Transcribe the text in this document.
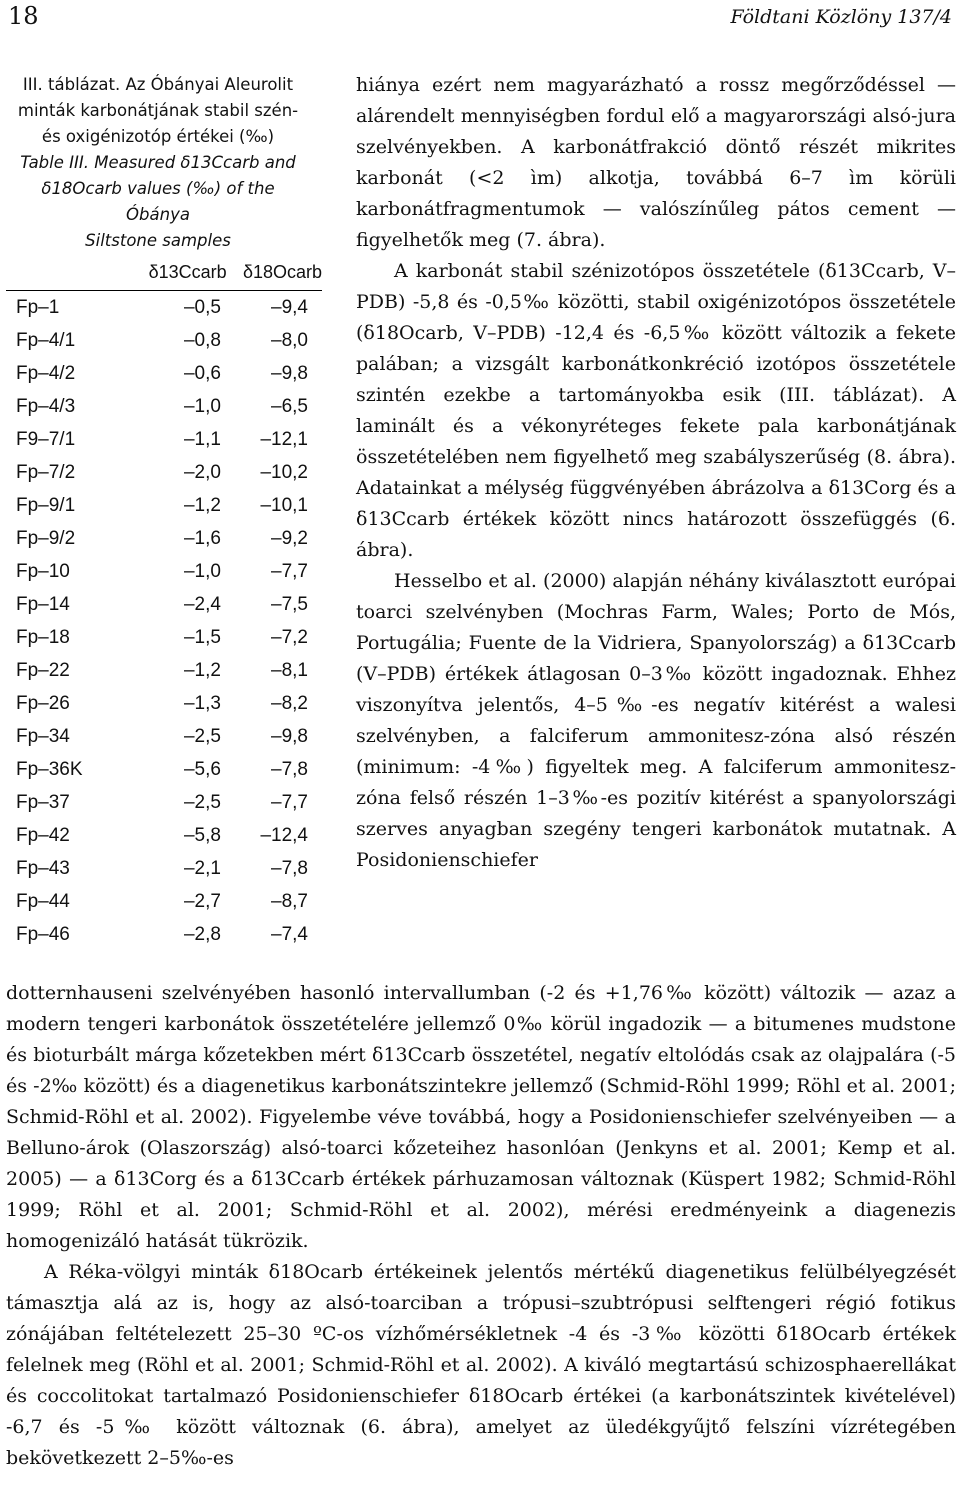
18	Földtani Közlöny 137/4
III. táblázat. Az Óbányai Aleurolit
minták karbonátjának stabil szén-
és oxigénizotóp értékei (‰)
Table III. Measured δ13Ccarb and
δ18Ocarb values (‰) of the Óbánya
Siltstone samples
	δ13Ccarb	δ18Ocarb
Fp–1	–0,5	–9,4
Fp–4/1	–0,8	–8,0
Fp–4/2	–0,6	–9,8
Fp–4/3	–1,0	–6,5
F9–7/1	–1,1	–12,1
Fp–7/2	–2,0	–10,2
Fp–9/1	–1,2	–10,1
Fp–9/2	–1,6	–9,2
Fp–10	–1,0	–7,7
Fp–14	–2,4	–7,5
Fp–18	–1,5	–7,2
Fp–22	–1,2	–8,1
Fp–26	–1,3	–8,2
Fp–34	–2,5	–9,8
Fp–36K	–5,6	–7,8
Fp–37	–2,5	–7,7
Fp–42	–5,8	–12,4
Fp–43	–2,1	–7,8
Fp–44	–2,7	–8,7
Fp–46	–2,8	–7,4

hiánya ezért nem magyarázható a rossz megőrződéssel — alárendelt mennyiségben fordul elő a magyarországi alsó-jura szelvényekben. A karbonátfrakció döntő részét mikrites karbonát (<2 ìm) alkotja, továbbá 6–7 ìm körüli karbonátfragmentumok — valószínűleg pátos cement — figyelhetők meg (7. ábra).

A karbonát stabil szénizotópos összetétele (δ13Ccarb, V–PDB) -5,8 és -0,5‰ közötti, stabil oxigénizotópos összetétele (δ18Ocarb, V–PDB) -12,4 és -6,5‰ között változik a fekete palában; a vizsgált karbonátkonkréció izotópos összetétele szintén ezekbe a tartományokba esik (III. táblázat). A laminált és a vékonyréteges fekete pala karbonátjának összetételében nem figyelhető meg szabályszerűség (8. ábra). Adatainkat a mélység függvényében ábrázolva a δ13Corg és a δ13Ccarb értékek között nincs határozott összefüggés (6. ábra).

Hesselbo et al. (2000) alapján néhány kiválasztott európai toarci szelvényben (Mochras Farm, Wales; Porto de Mós, Portugália; Fuente de la Vidriera, Spanyolország) a δ13Ccarb (V–PDB) értékek átlagosan 0–3‰ között ingadoznak. Ehhez viszonyítva jelentős, 4–5‰-es negatív kitérést a walesi szelvényben, a falciferum ammonitesz-zóna alsó részén (minimum: -4‰) figyeltek meg. A falciferum ammonitesz-zóna felső részén 1–3‰-es pozitív kitérést a spanyolországi szerves anyagban szegény tengeri karbonátok mutatnak. A Posidonienschiefer

dotternhauseni szelvényében hasonló intervallumban (-2 és +1,76‰ között) változik — azaz a modern tengeri karbonátok összetételére jellemző 0‰ körül ingadozik — a bitumenes mudstone és bioturbált márga kőzetekben mért δ13Ccarb összetétel, negatív eltolódás csak az olajpalára (-5 és -2‰ között) és a diagenetikus karbonátszintekre jellemző (Schmid-Röhl 1999; Röhl et al. 2001; Schmid-Röhl et al. 2002). Figyelembe véve továbbá, hogy a Posidonienschiefer szelvényeiben — a Belluno-árok (Olaszország) alsó-toarci kőzeteihez hasonlóan (Jenkyns et al. 2001; Kemp et al. 2005) — a δ13Corg és a δ13Ccarb értékek párhuzamosan változnak (Küspert 1982; Schmid-Röhl 1999; Röhl et al. 2001; Schmid-Röhl et al. 2002), mérési eredményeink a diagenezis homogenizáló hatását tükrözik.

A Réka-völgyi minták δ18Ocarb értékeinek jelentős mértékű diagenetikus felülbélyegzését támasztja alá az is, hogy az alsó-toarciban a trópusi–szubtrópusi selftengeri régió fotikus zónájában feltételezett 25–30 ºC-os vízhőmérsékletnek -4 és -3‰ közötti δ18Ocarb értékek felelnek meg (Röhl et al. 2001; Schmid-Röhl et al. 2002). A kiváló megtartású schizosphaerellákat és coccolitokat tartalmazó Posidonienschiefer δ18Ocarb értékei (a karbonátszintek kivételével) -6,7 és -5‰ között változnak (6. ábra), amelyet az üledékgyűjtő felszíni vízrétegében bekövetkezett 2–5‰-es
